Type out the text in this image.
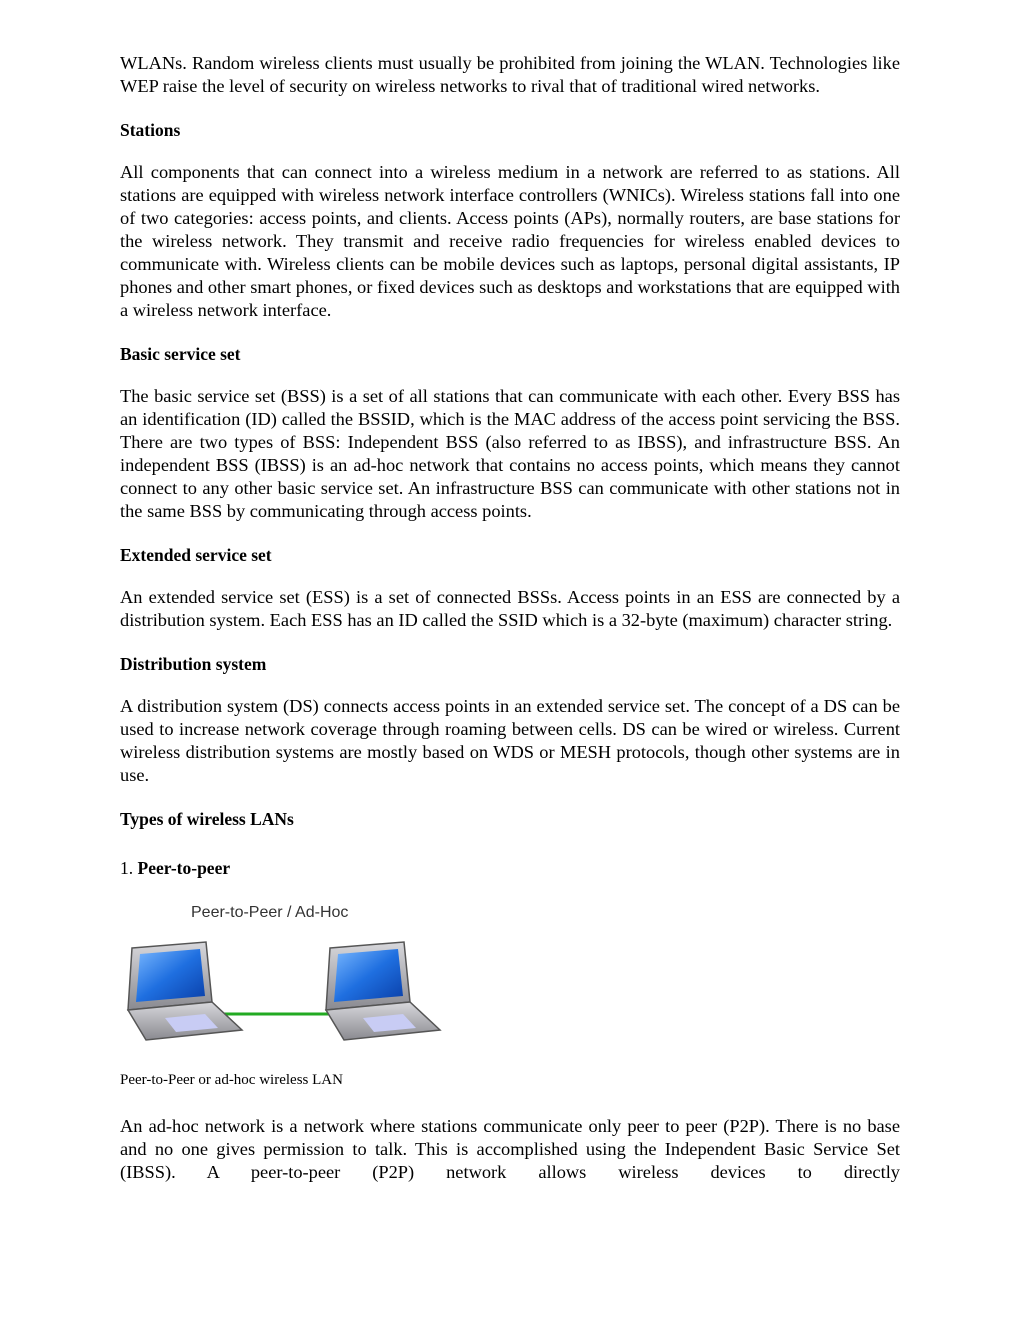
WLANs. Random wireless clients must usually be prohibited from joining the WLAN. Technologies like WEP raise the level of security on wireless networks to rival that of traditional wired networks.

Stations

All components that can connect into a wireless medium in a network are referred to as stations. All stations are equipped with wireless network interface controllers (WNICs). Wireless stations fall into one of two categories: access points, and clients. Access points (APs), normally routers, are base stations for the wireless network. They transmit and receive radio frequencies for wireless enabled devices to communicate with. Wireless clients can be mobile devices such as laptops, personal digital assistants, IP phones and other smart phones, or fixed devices such as desktops and workstations that are equipped with a wireless network interface.

Basic service set

The basic service set (BSS) is a set of all stations that can communicate with each other. Every BSS has an identification (ID) called the BSSID, which is the MAC address of the access point servicing the BSS. There are two types of BSS: Independent BSS (also referred to as IBSS), and infrastructure BSS. An independent BSS (IBSS) is an ad-hoc network that contains no access points, which means they cannot connect to any other basic service set. An infrastructure BSS can communicate with other stations not in the same BSS by communicating through access points.

Extended service set

An extended service set (ESS) is a set of connected BSSs. Access points in an ESS are connected by a distribution system. Each ESS has an ID called the SSID which is a 32-byte (maximum) character string.

Distribution system

A distribution system (DS) connects access points in an extended service set. The concept of a DS can be used to increase network coverage through roaming between cells. DS can be wired or wireless. Current wireless distribution systems are mostly based on WDS or MESH protocols, though other systems are in use.

Types of wireless LANs
1. Peer-to-peer
Peer-to-Peer / Ad-Hoc
Peer-to-Peer or ad-hoc wireless LAN

An ad-hoc network is a network where stations communicate only peer to peer (P2P). There is no base and no one gives permission to talk. This is accomplished using the Independent Basic Service Set (IBSS). A peer-to-peer (P2P) network allows wireless devices to directly
